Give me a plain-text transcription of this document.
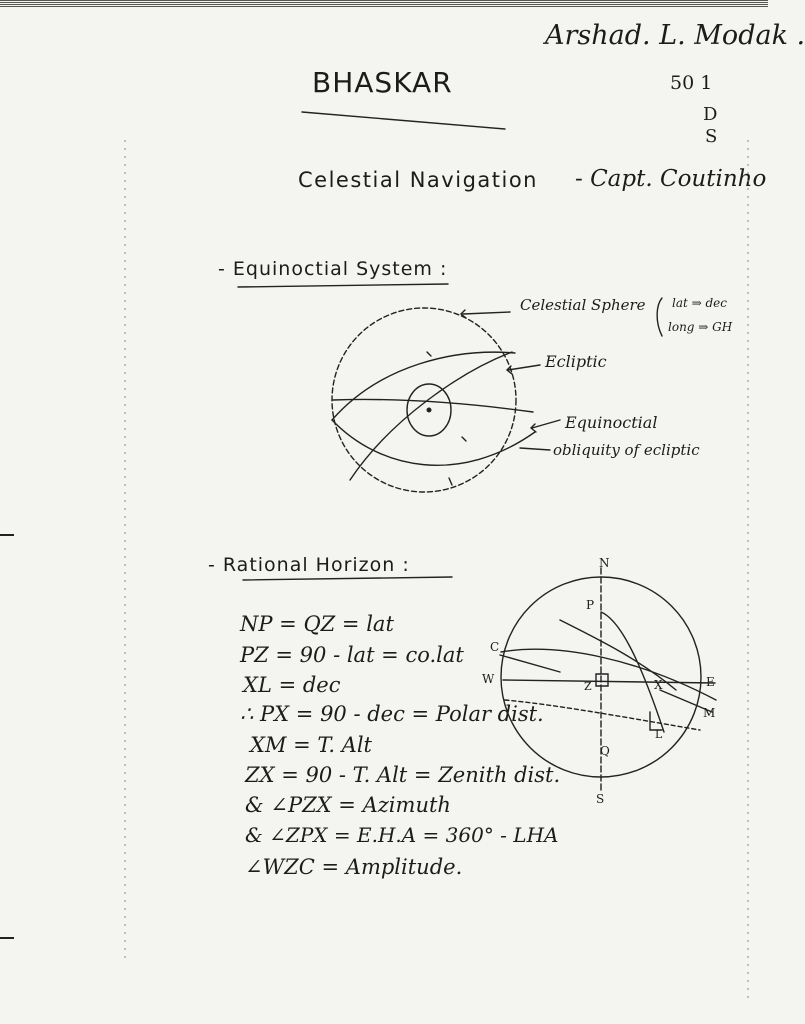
Arshad. L. Modak .
50 1
D
S
BHASKAR
Celestial Navigation - Capt. Coutinho
- Equinoctial System :
Celestial Sphere lat ⇒ dec
long ⇒ GH
Ecliptic
Equinoctial
obliquity of ecliptic
- Rational Horizon :
NP = QZ = lat
PZ = 90 - lat = co.lat
XL = dec
∴ PX = 90 - dec = Polar dist.
XM = T. Alt
ZX = 90 - T. Alt = Zenith dist.
& ∠PZX = Azimuth
& ∠ZPX = E.H.A = 360° - LHA
∠WZC = Amplitude.
N
P
C
W
Z	X	E
M
L
Q
S
